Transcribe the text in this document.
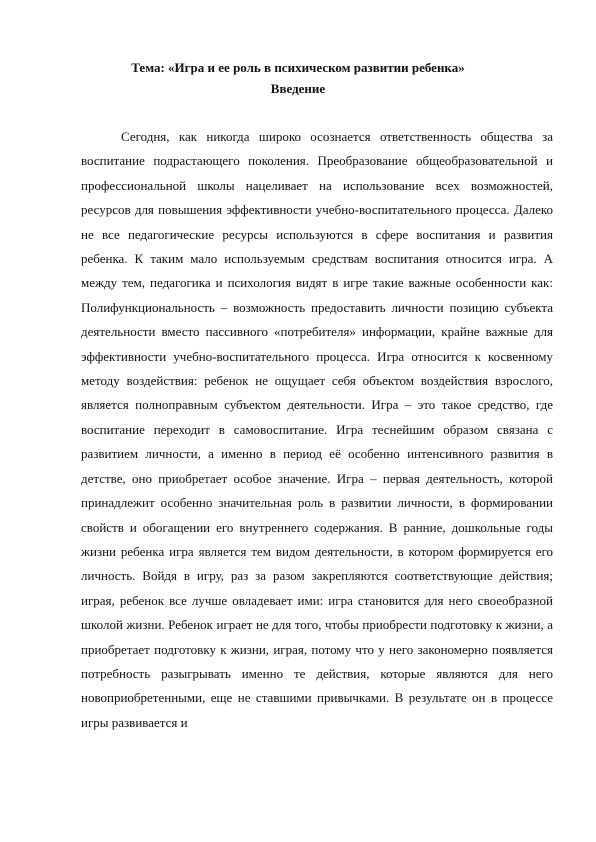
Тема: «Игра и ее роль в психическом развитии ребенка»
Введение

Сегодня, как никогда широко осознается ответственность общества за воспитание подрастающего поколения. Преобразование общеобразовательной и профессиональной школы нацеливает на использование всех возможностей, ресурсов для повышения эффективности учебно-воспитательного процесса. Далеко не все педагогические ресурсы используются в сфере воспитания и развития ребенка. К таким мало используемым средствам воспитания относится игра. А между тем, педагогика и психология видят в игре такие важные особенности как: Полифункциональность – возможность предоставить личности позицию субъекта деятельности вместо пассивного «потребителя» информации, крайне важные для эффективности учебно-воспитательного процесса. Игра относится к косвенному методу воздействия: ребенок не ощущает себя объектом воздействия взрослого, является полноправным субъектом деятельности. Игра – это такое средство, где воспитание переходит в самовоспитание. Игра теснейшим образом связана с развитием личности, а именно в период её особенно интенсивного развития в детстве, оно приобретает особое значение. Игра – первая деятельность, которой принадлежит особенно значительная роль в развитии личности, в формировании свойств и обогащении его внутреннего содержания. В ранние, дошкольные годы жизни ребенка игра является тем видом деятельности, в котором формируется его личность. Войдя в игру, раз за разом закрепляются соответствующие действия; играя, ребенок все лучше овладевает ими: игра становится для него своеобразной школой жизни. Ребенок играет не для того, чтобы приобрести подготовку к жизни, а приобретает подготовку к жизни, играя, потому что у него закономерно появляется потребность разыгрывать именно те действия, которые являются для него новоприобретенными, еще не ставшими привычками. В результате он в процессе игры развивается и
